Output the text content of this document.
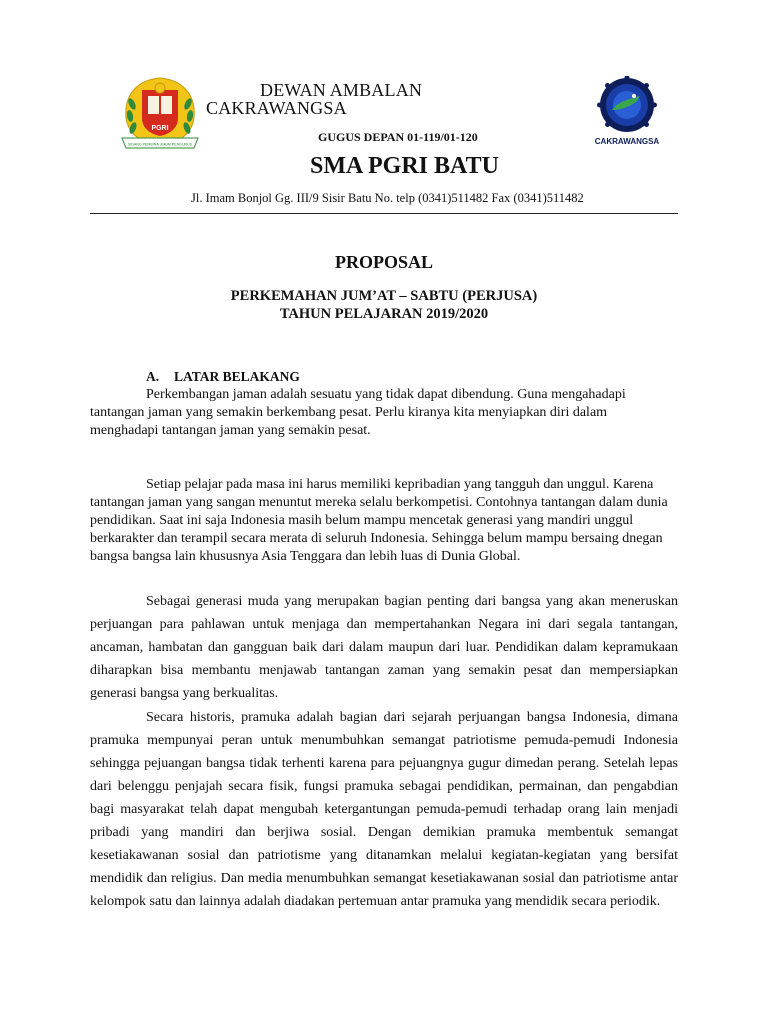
PGRI
SIDANG PEMBINA UMUM PENGURUS	CAKRAWANGSA
DEWAN AMBALAN
CAKRAWANGSA
GUGUS DEPAN 01-119/01-120
SMA PGRI BATU
Jl. Imam Bonjol Gg. III/9 Sisir Batu No. telp (0341)511482 Fax (0341)511482
PROPOSAL
PERKEMAHAN JUM’AT – SABTU (PERJUSA)
TAHUN PELAJARAN 2019/2020
A. LATAR BELAKANG

Perkembangan jaman adalah sesuatu yang tidak dapat dibendung. Guna mengahadapi tantangan jaman yang semakin berkembang pesat. Perlu kiranya kita menyiapkan diri dalam menghadapi tantangan jaman yang semakin pesat.

Setiap pelajar pada masa ini harus memiliki kepribadian yang tangguh dan unggul. Karena tantangan jaman yang sangan menuntut mereka selalu berkompetisi. Contohnya tantangan dalam dunia pendidikan. Saat ini saja Indonesia masih belum mampu mencetak generasi yang mandiri unggul berkarakter dan terampil secara merata di seluruh Indonesia. Sehingga belum mampu bersaing dnegan bangsa bangsa lain khususnya Asia Tenggara dan lebih luas di Dunia Global.

Sebagai generasi muda yang merupakan bagian penting dari bangsa yang akan meneruskan perjuangan para pahlawan untuk menjaga dan mempertahankan Negara ini dari segala tantangan, ancaman, hambatan dan gangguan baik dari dalam maupun dari luar. Pendidikan dalam kepramukaan diharapkan bisa membantu menjawab tantangan zaman yang semakin pesat dan mempersiapkan generasi bangsa yang berkualitas.

Secara historis, pramuka adalah bagian dari sejarah perjuangan bangsa Indonesia, dimana pramuka mempunyai peran untuk menumbuhkan semangat patriotisme pemuda-pemudi Indonesia sehingga pejuangan bangsa tidak terhenti karena para pejuangnya gugur dimedan perang. Setelah lepas dari belenggu penjajah secara fisik, fungsi pramuka sebagai pendidikan, permainan, dan pengabdian bagi masyarakat telah dapat mengubah ketergantungan pemuda-pemudi terhadap orang lain menjadi pribadi yang mandiri dan berjiwa sosial. Dengan demikian pramuka membentuk semangat kesetiakawanan sosial dan patriotisme yang ditanamkan melalui kegiatan-kegiatan yang bersifat mendidik dan religius. Dan media menumbuhkan semangat kesetiakawanan sosial dan patriotisme antar kelompok satu dan lainnya adalah diadakan pertemuan antar pramuka yang mendidik secara periodik.
